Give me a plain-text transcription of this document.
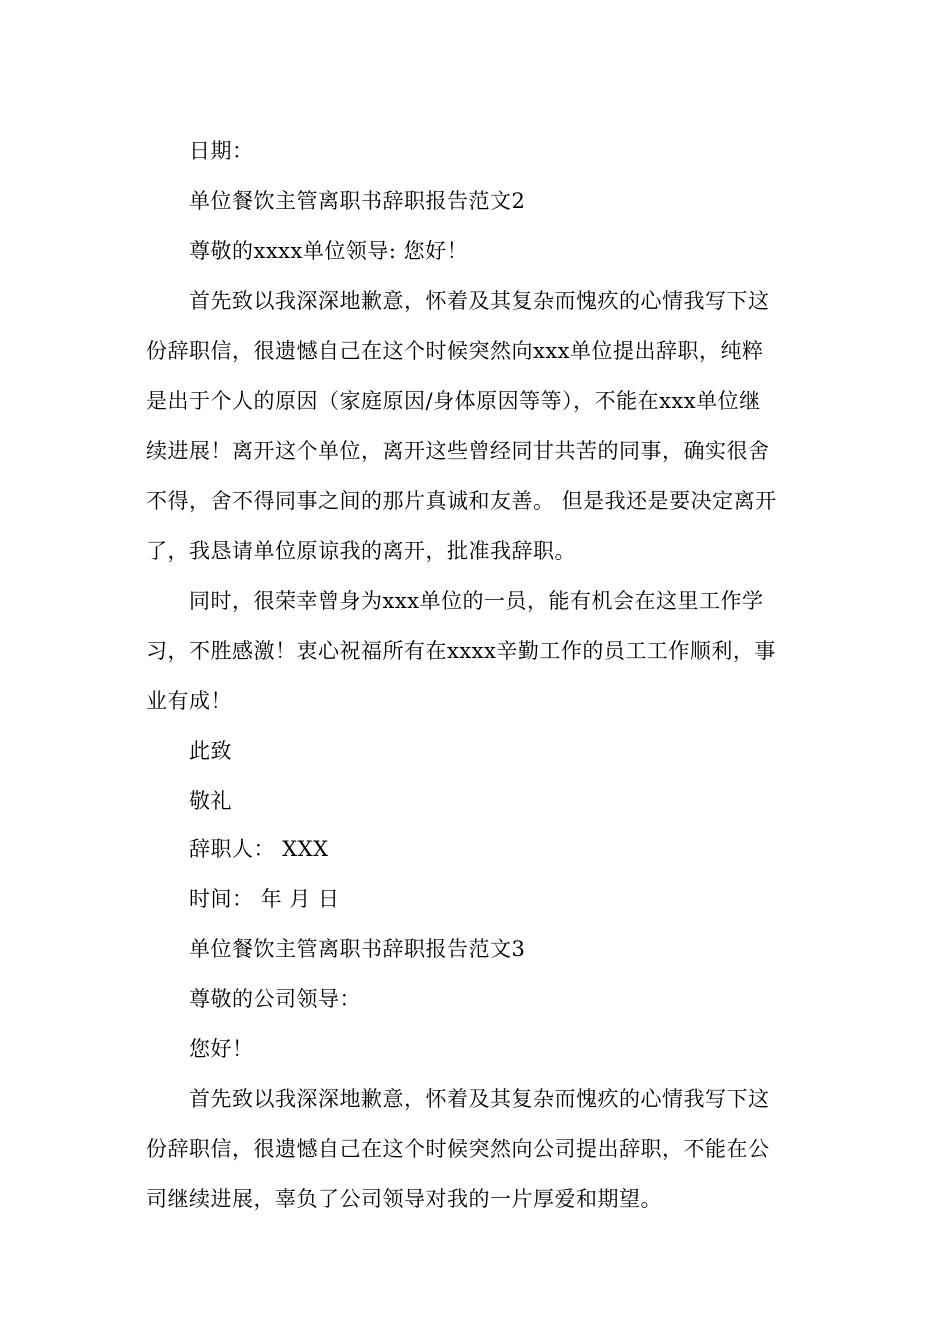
日期：
单位餐饮主管离职书辞职报告范文2
尊敬的xxxx单位领导: 您好！
首先致以我深深地歉意，怀着及其复杂而愧疚的心情我写下这
份辞职信，很遗憾自己在这个时候突然向xxx单位提出辞职，纯粹
是出于个人的原因（家庭原因/身体原因等等），不能在xxx单位继
续进展！离开这个单位，离开这些曾经同甘共苦的同事，确实很舍
不得，舍不得同事之间的那片真诚和友善。 但是我还是要决定离开
了，我恳请单位原谅我的离开，批准我辞职。
同时，很荣幸曾身为xxx单位的一员，能有机会在这里工作学
习，不胜感激！衷心祝福所有在xxxx辛勤工作的员工工作顺利，事
业有成！
此致
敬礼
辞职人： XXX
时间： 年 月 日
单位餐饮主管离职书辞职报告范文3
尊敬的公司领导：
您好！
首先致以我深深地歉意，怀着及其复杂而愧疚的心情我写下这
份辞职信，很遗憾自己在这个时候突然向公司提出辞职，不能在公
司继续进展，辜负了公司领导对我的一片厚爱和期望。
